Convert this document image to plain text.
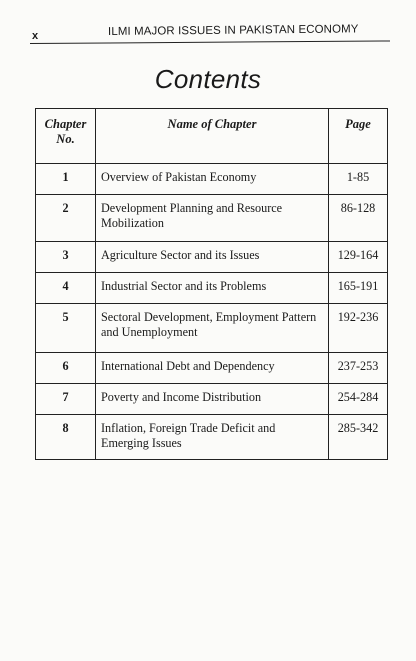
x	ILMI MAJOR ISSUES IN PAKISTAN ECONOMY
Contents
Chapter
No.	Name of Chapter	Page
1	Overview of Pakistan Economy	1-85
2	Development Planning and Resource Mobilization	86-128
3	Agriculture Sector and its Issues	129-164
4	Industrial Sector and its Problems	165-191
5	Sectoral Development, Employment Pattern and Unemployment	192-236
6	International Debt and Dependency	237-253
7	Poverty and Income Distribution	254-284
8	Inflation, Foreign Trade Deficit and Emerging Issues	285-342
